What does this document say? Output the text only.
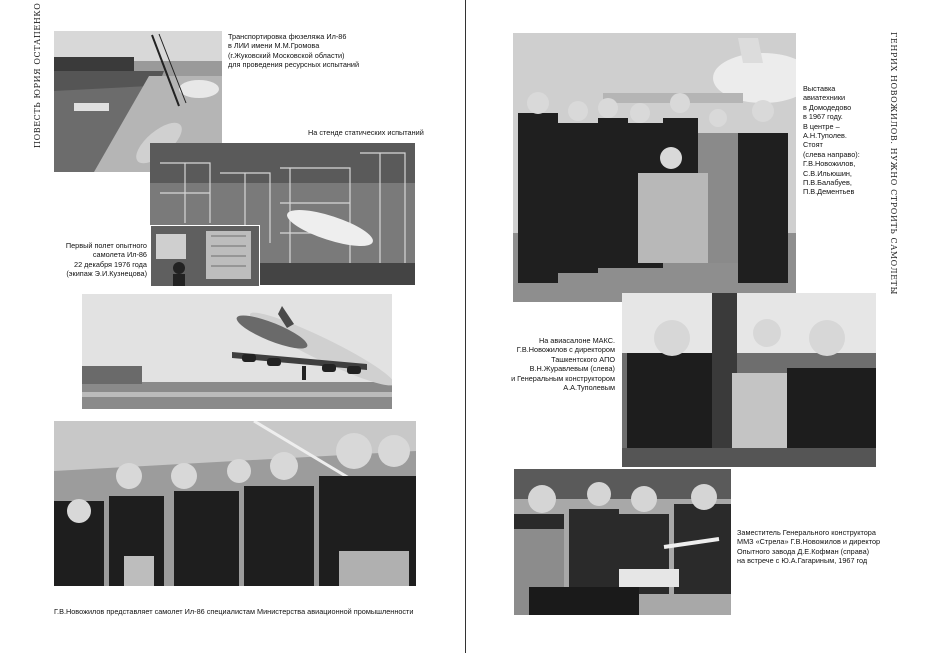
ПОВЕСТЬ ЮРИЯ ОСТАПЕНКО	ГЕНРИХ НОВОЖИЛОВ. НУЖНО СТРОИТЬ САМОЛЕТЫ
Транспортировка фюзеляжа Ил-86
в ЛИИ имени М.М.Громова
(г.Жуковский Московской области)
для проведения ресурсных испытаний
На стенде статических испытаний
Первый полет опытного
самолета Ил-86
22 декабря 1976 года
(экипаж Э.И.Кузнецова)
Г.В.Новожилов представляет самолет Ил-86 специалистам Министерства авиационной промышленности
Выставка
авиатехники
в Домодедово
в 1967 году.
В центре –
А.Н.Туполев.
Стоят
(слева направо):
Г.В.Новожилов,
С.В.Ильюшин,
П.В.Балабуев,
П.В.Дементьев
На авиасалоне МАКС.
Г.В.Новожилов с директором
Ташкентского АПО
В.Н.Журавлевым (слева)
и Генеральным конструктором
А.А.Туполевым
Заместитель Генерального конструктора
ММЗ «Стрела» Г.В.Новожилов и директор
Опытного завода Д.Е.Кофман (справа)
на встрече с Ю.А.Гагариным, 1967 год
